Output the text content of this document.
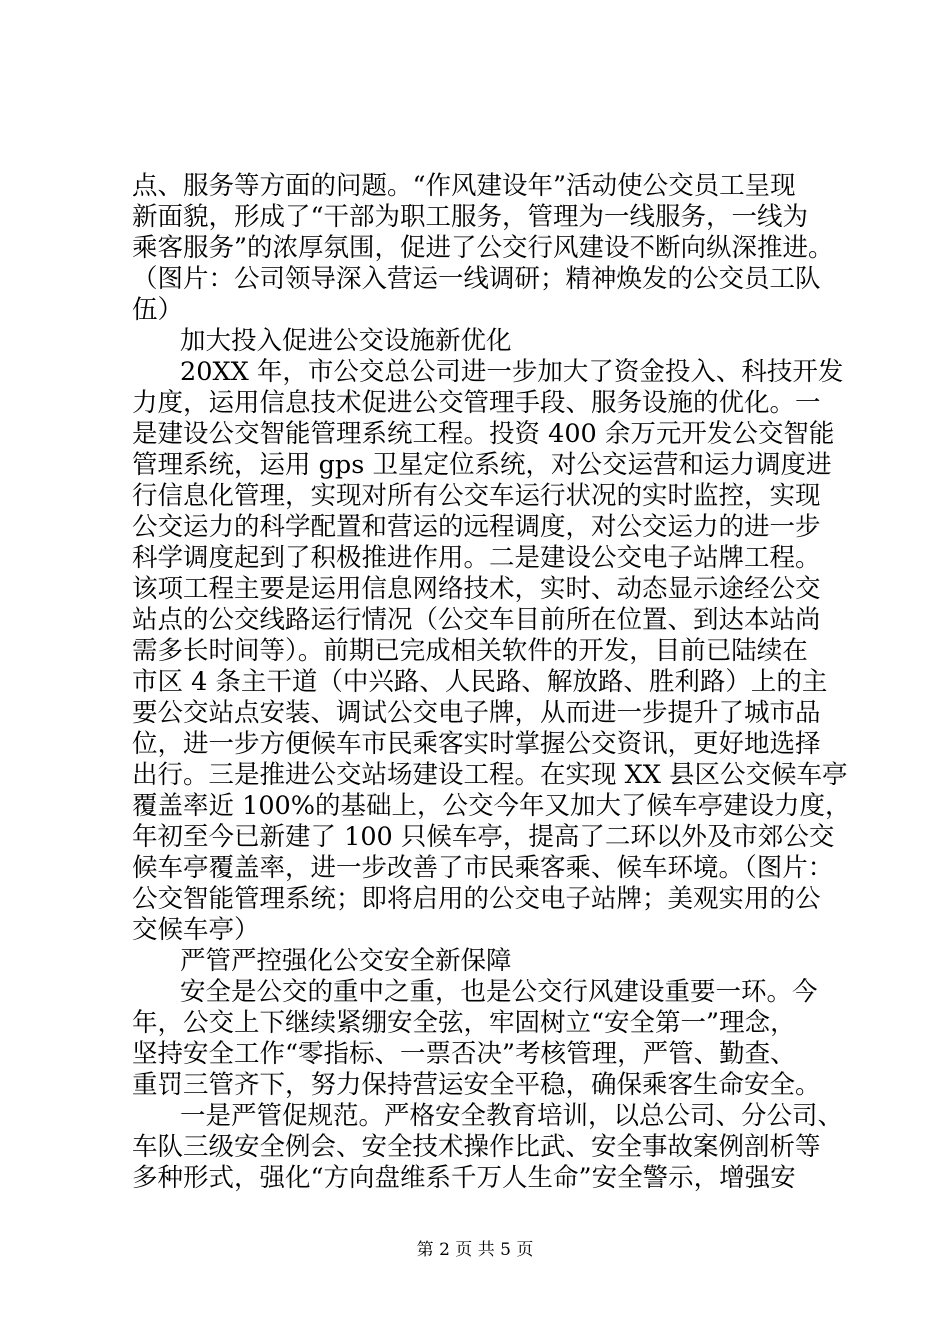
点、服务等方面的问题。“作风建设年”活动使公交员工呈现
新面貌，形成了“干部为职工服务，管理为一线服务，一线为
乘客服务”的浓厚氛围，促进了公交行风建设不断向纵深推进。
（图片：公司领导深入营运一线调研；精神焕发的公交员工队
伍）
加大投入促进公交设施新优化
20XX 年，市公交总公司进一步加大了资金投入、科技开发
力度，运用信息技术促进公交管理手段、服务设施的优化。一
是建设公交智能管理系统工程。投资 400 余万元开发公交智能
管理系统，运用 gps 卫星定位系统，对公交运营和运力调度进
行信息化管理，实现对所有公交车运行状况的实时监控，实现
公交运力的科学配置和营运的远程调度，对公交运力的进一步
科学调度起到了积极推进作用。二是建设公交电子站牌工程。
该项工程主要是运用信息网络技术，实时、动态显示途经公交
站点的公交线路运行情况（公交车目前所在位置、到达本站尚
需多长时间等）。前期已完成相关软件的开发，目前已陆续在
市区 4 条主干道（中兴路、人民路、解放路、胜利路）上的主
要公交站点安装、调试公交电子牌，从而进一步提升了城市品
位，进一步方便候车市民乘客实时掌握公交资讯，更好地选择
出行。三是推进公交站场建设工程。在实现 XX 县区公交候车亭
覆盖率近 100%的基础上，公交今年又加大了候车亭建设力度，
年初至今已新建了 100 只候车亭，提高了二环以外及市郊公交
候车亭覆盖率，进一步改善了市民乘客乘、候车环境。（图片：
公交智能管理系统；即将启用的公交电子站牌；美观实用的公
交候车亭）
严管严控强化公交安全新保障
安全是公交的重中之重，也是公交行风建设重要一环。今
年，公交上下继续紧绷安全弦，牢固树立“安全第一”理念，
坚持安全工作“零指标、一票否决”考核管理，严管、勤查、
重罚三管齐下，努力保持营运安全平稳，确保乘客生命安全。
一是严管促规范。严格安全教育培训，以总公司、分公司、
车队三级安全例会、安全技术操作比武、安全事故案例剖析等
多种形式，强化“方向盘维系千万人生命”安全警示，增强安
第 2 页 共 5 页
